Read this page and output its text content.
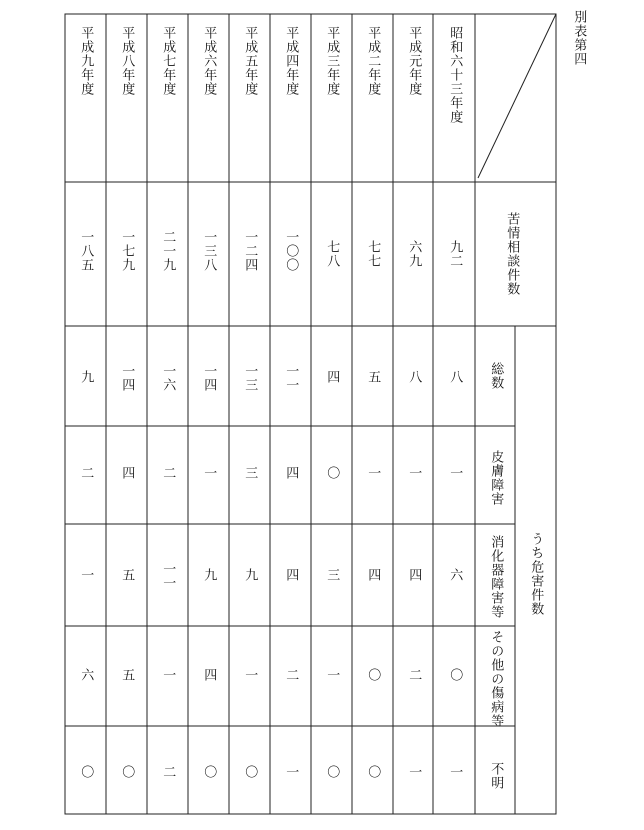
別表第四
苦情相談件数
うち危害件数
総数
皮膚障害
消化器障害等
その他の傷病等
不明
昭和六十三年度
平成元年度
平成二年度
平成三年度
平成四年度
平成五年度
平成六年度
平成七年度
平成八年度
平成九年度
九二
六九
七七
七八
一〇〇
一二四
一三八
二一九
一七九
一八五
八
八
五
四
一一
一三
一四
一六
一四
九
一
一
一
〇
四
三
一
二
四
二
六
四
四
三
四
九
九
一一
五
一
〇
二
〇
一
二
一
四
一
五
六
一
一
〇
〇
一
〇
〇
二
〇
〇
